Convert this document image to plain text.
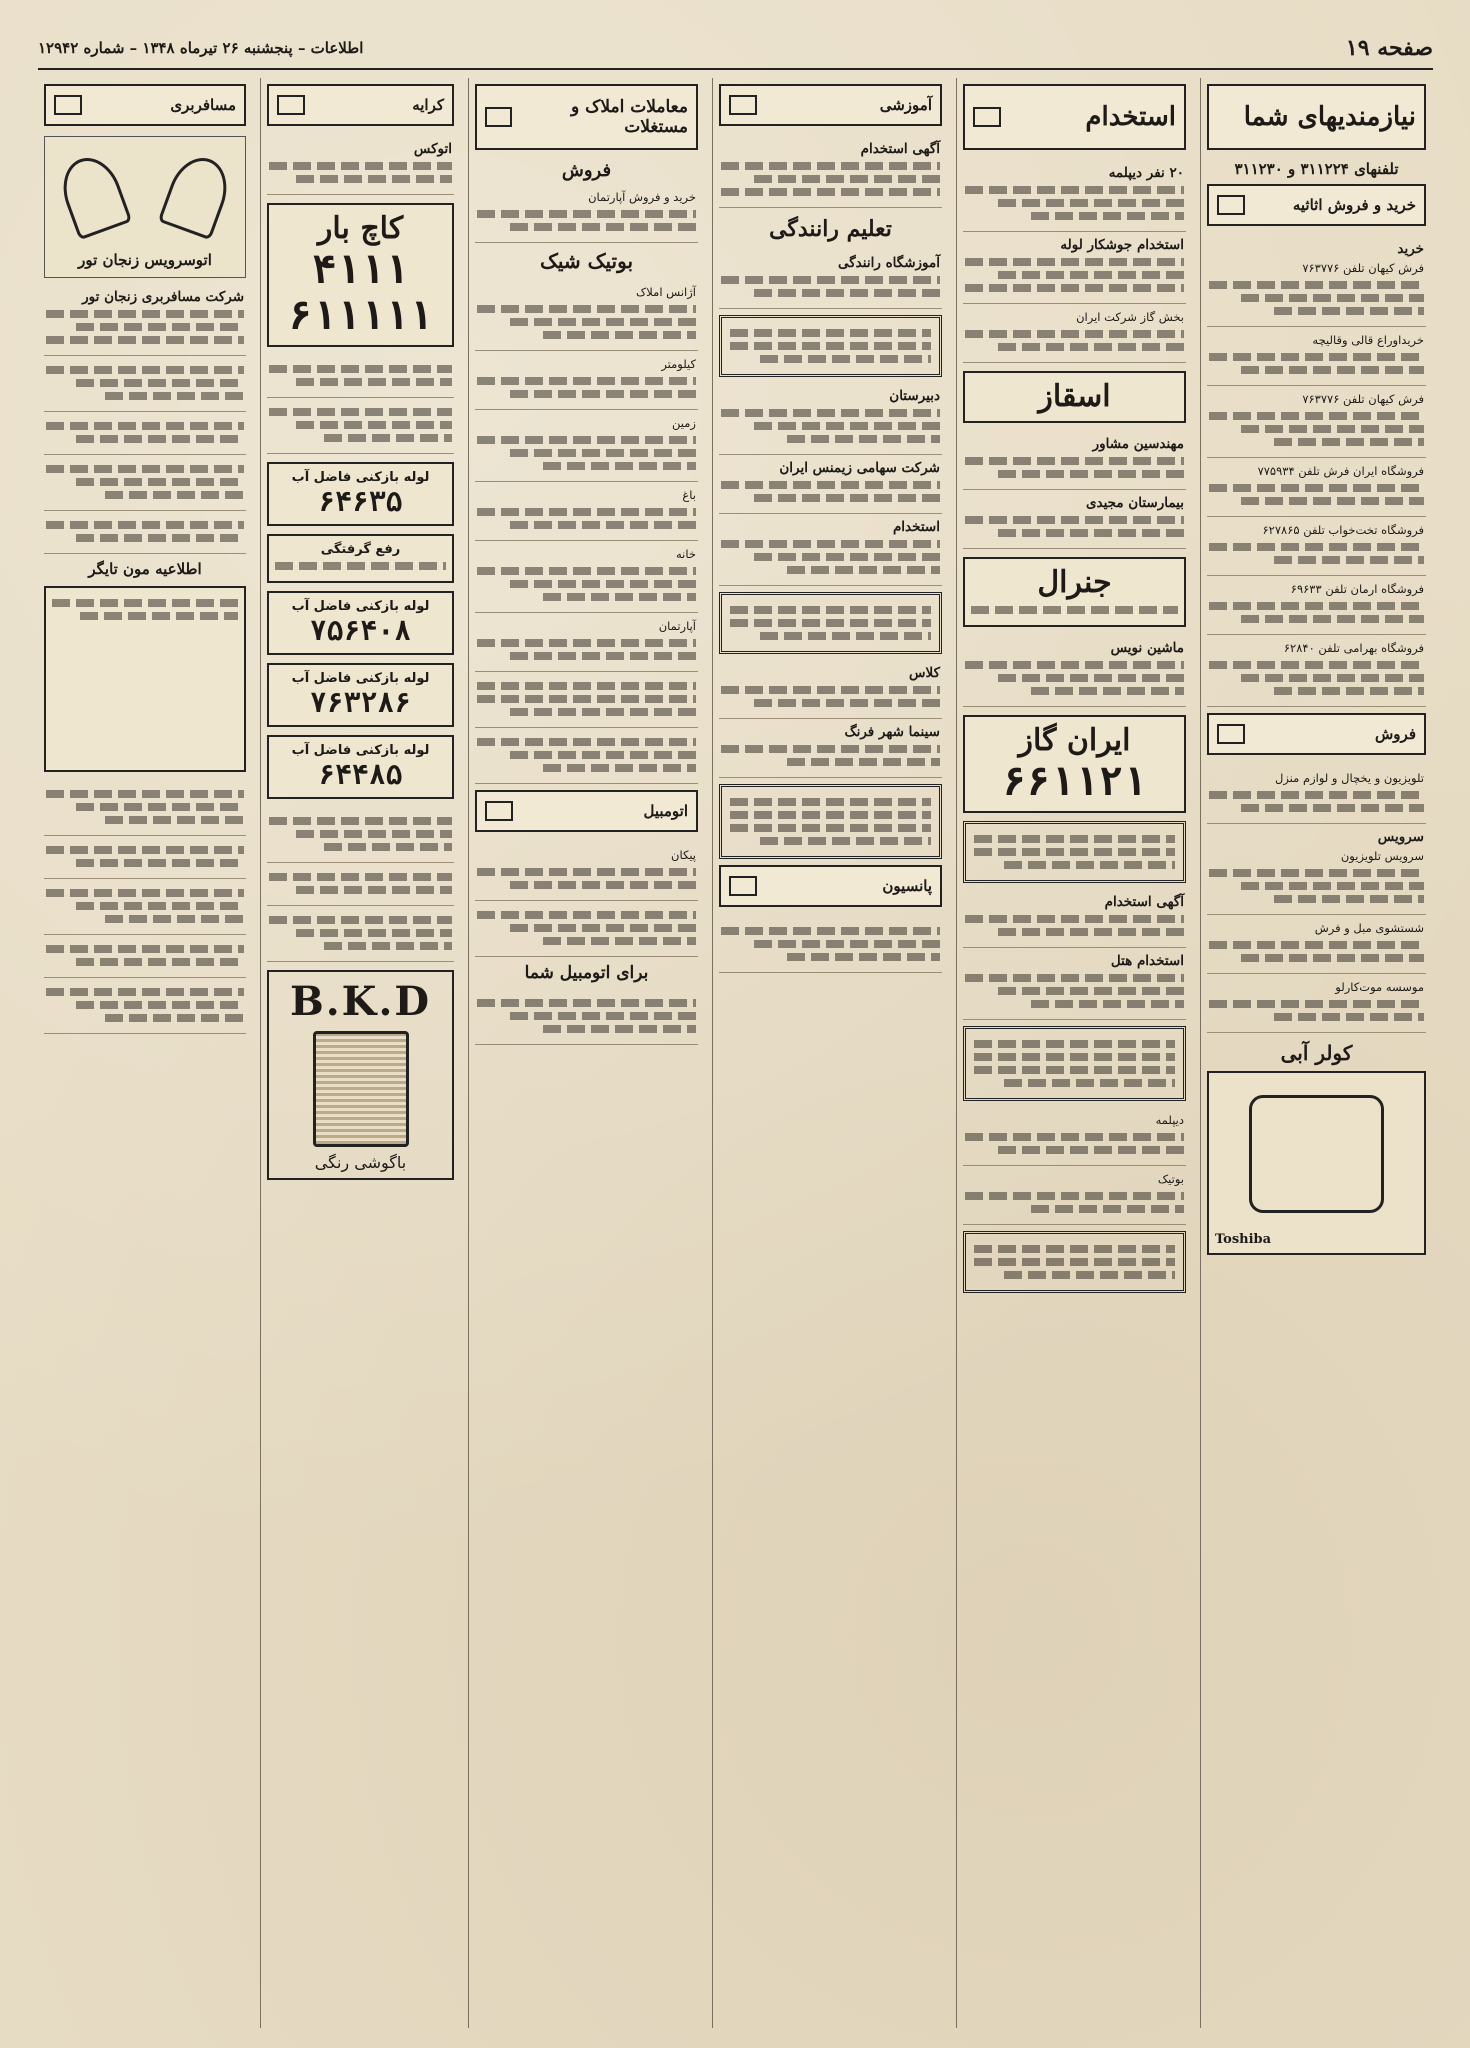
صفحه ۱۹
اطلاعات – پنجشنبه ۲۶ تیرماه ۱۳۴۸ – شماره ۱۲۹۴۲
نیازمندیهای شما
تلفنهای ۳۱۱۲۲۴ و ۳۱۱۲۳۰
خرید و فروش اثاثیه
خرید
فرش کیهان تلفن ۷۶۳۷۷۶
خریداوراع قالی وقالیچه
فرش کیهان تلفن ۷۶۳۷۷۶
فروشگاه ایران فرش تلفن ۷۷۵۹۳۴
فروشگاه تخت‌خواب تلفن ۶۲۷۸۶۵
فروشگاه ارمان تلفن ۶۹۶۳۳
فروشگاه بهرامی تلفن ۶۲۸۴۰
فروش
تلویزیون و یخچال و لوازم منزل
سرویس
سرویس تلویزیون
شستشوی مبل و فرش
موسسه موت‌کارلو
کولر آبی
Toshiba
استخدام
۲۰ نفر دیپلمه
استخدام جوشکار لوله
بخش گاز شرکت ایران
اسقاز
مهندسین مشاور
بیمارستان مجیدی
جنرال
ماشین نویس
ایران گاز
۶۶۱۱۲۱
آگهی استخدام
استخدام هتل
دیپلمه
بوتیک
آموزشی
آگهی استخدام
تعلیم رانندگی
آموزشگاه رانندگی
دبیرستان
شرکت سهامی زیمنس ایران
استخدام
کلاس
سینما شهر فرنگ
پانسیون
معاملات املاک و مستغلات
فروش
خرید و فروش آپارتمان
بوتیک شیک
آژانس املاک
کیلومتر
زمین
باغ
خانه
آپارتمان
اتومبیل
پیکان
برای اتومبیل شما
کرایه
اتوکس
کاچ بار
۴۱۱۱
۶۱۱۱۱۱
لوله بازکنی فاضل آب
۶۴۶۳۵
رفع گرفتگی
لوله بازکنی فاضل آب
۷۵۶۴۰۸
لوله بازکنی فاضل آب
۷۶۳۲۸۶
لوله بازکنی فاضل آب
۶۴۴۸۵
B.K.D
باگوشی رنگی
مسافربری
اتوسرویس زنجان تور
شرکت مسافربری زنجان تور
اطلاعیه مون تایگر
